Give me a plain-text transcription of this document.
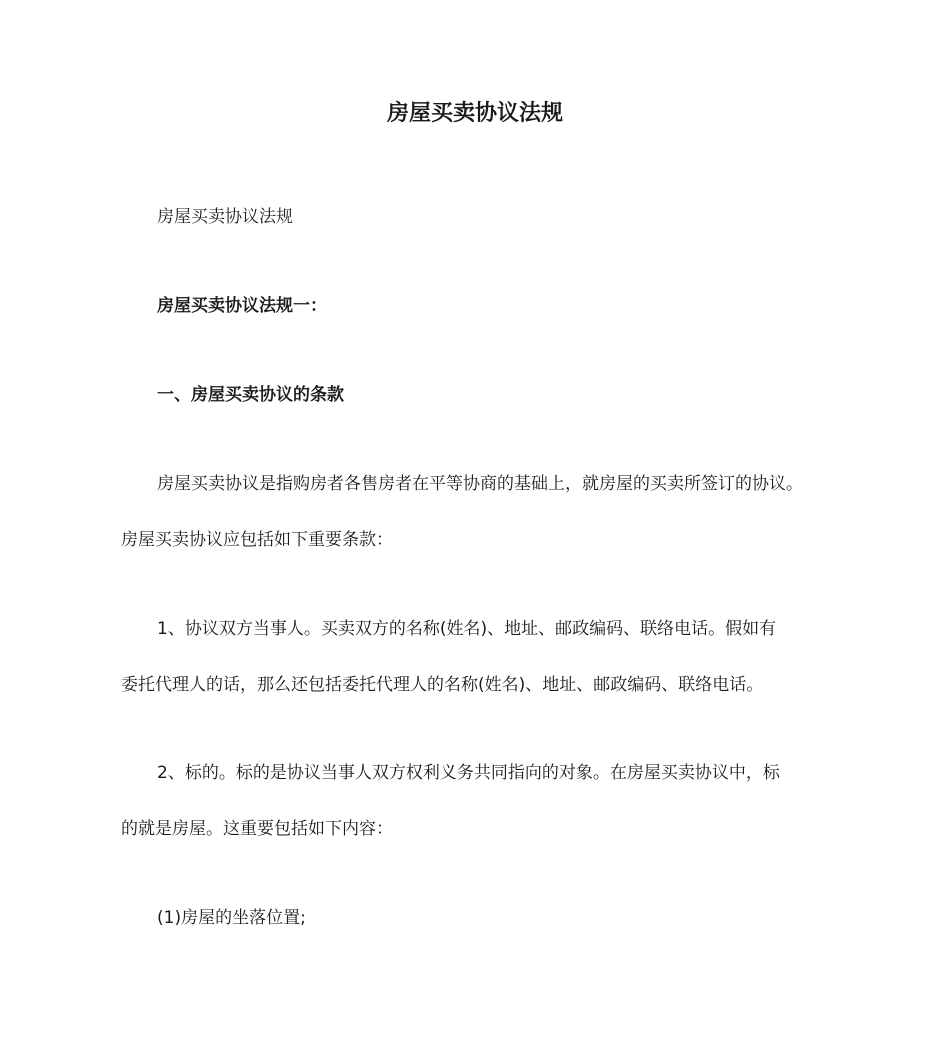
房屋买卖协议法规

房屋买卖协议法规

房屋买卖协议法规一：

一、房屋买卖协议的条款

房屋买卖协议是指购房者各售房者在平等协商的基础上，就房屋的买卖所签订的协议。

房屋买卖协议应包括如下重要条款：

1、协议双方当事人。买卖双方的名称(姓名)、地址、邮政编码、联络电话。假如有

委托代理人的话，那么还包括委托代理人的名称(姓名)、地址、邮政编码、联络电话。

2、标的。标的是协议当事人双方权利义务共同指向的对象。在房屋买卖协议中，标

的就是房屋。这重要包括如下内容：

(1)房屋的坐落位置;
